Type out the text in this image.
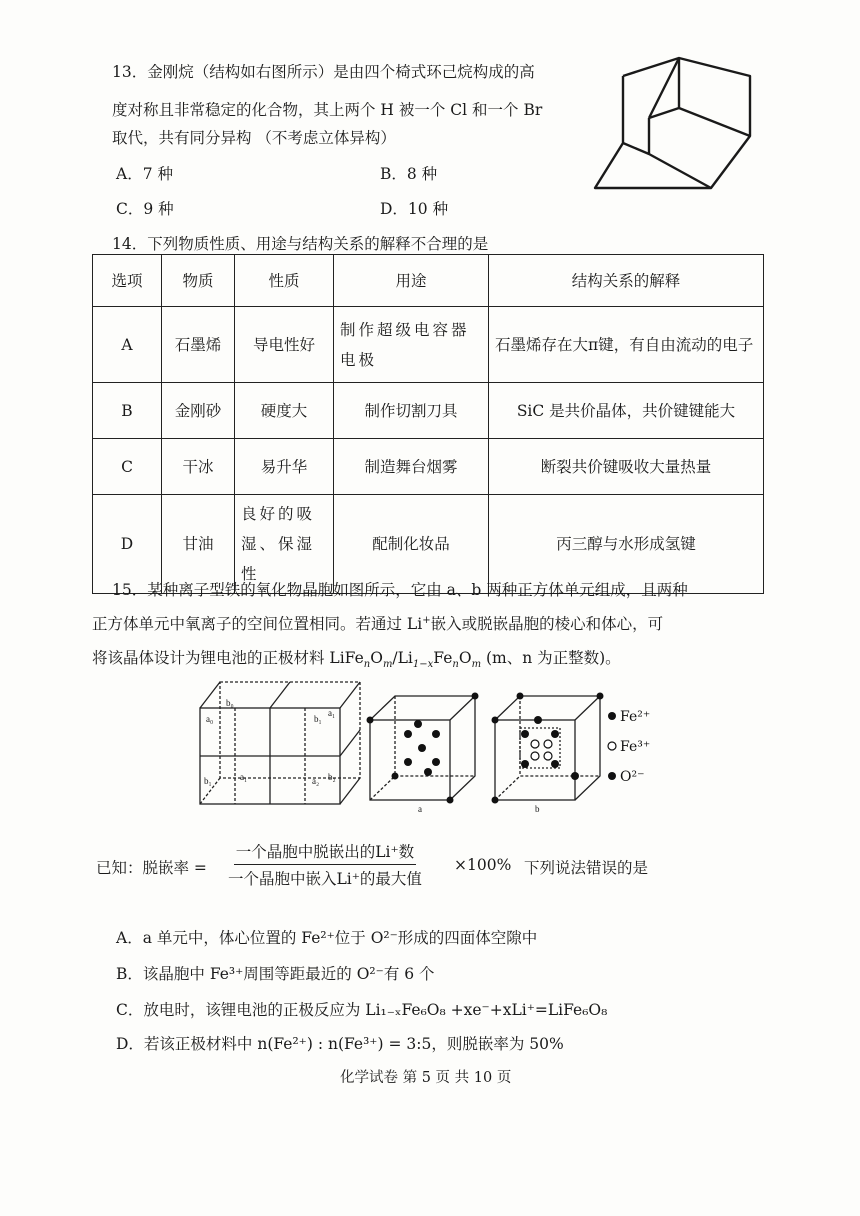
13．金刚烷（结构如右图所示）是由四个椅式环己烷构成的高
度对称且非常稳定的化合物，其上两个 H 被一个 Cl 和一个 Br
取代，共有同分异构 （不考虑立体异构）
A．7 种	B．8 种
C．9 种	D．10 种
14．下列物质性质、用途与结构关系的解释不合理的是
选项	物质	性质	用途	结构关系的解释
A	石墨烯	导电性好	制作超级电容器电极	石墨烯存在大π键，有自由流动的电子
B	金刚砂	硬度大	制作切割刀具	SiC 是共价晶体，共价键键能大
C	干冰	易升华	制造舞台烟雾	断裂共价键吸收大量热量
D	甘油	良好的吸湿、保湿性	配制化妆品	丙三醇与水形成氢键
15．某种离子型铁的氧化物晶胞如图所示，它由 a、b 两种正方体单元组成，且两种
正方体单元中氧离子的空间位置相同。若通过 Li+嵌入或脱嵌晶胞的棱心和体心，可
将该晶体设计为锂电池的正极材料 $LiFe_nO_m/Li_{1-x}Fe_nO_m$ (m、n 为正整数)。
b₀
a₀	b₁
a₁
a₁
b₁	a₂ b₂
a	b
Fe²⁺
Fe³⁺
O²⁻
已知：脱嵌率 =
一个晶胞中脱嵌出的Li⁺数
一个晶胞中嵌入Li⁺的最大值
×100% 下列说法错误的是
A．a 单元中，体心位置的 Fe²⁺位于 O²⁻形成的四面体空隙中
B．该晶胞中 Fe³⁺周围等距最近的 O²⁻有 6 个
C．放电时，该锂电池的正极反应为 Li₁₋ₓFe₆O₈ +xe⁻+xLi⁺=LiFe₆O₈
D．若该正极材料中 n(Fe²⁺) : n(Fe³⁺) = 3:5，则脱嵌率为 50%
化学试卷 第 5 页 共 10 页
